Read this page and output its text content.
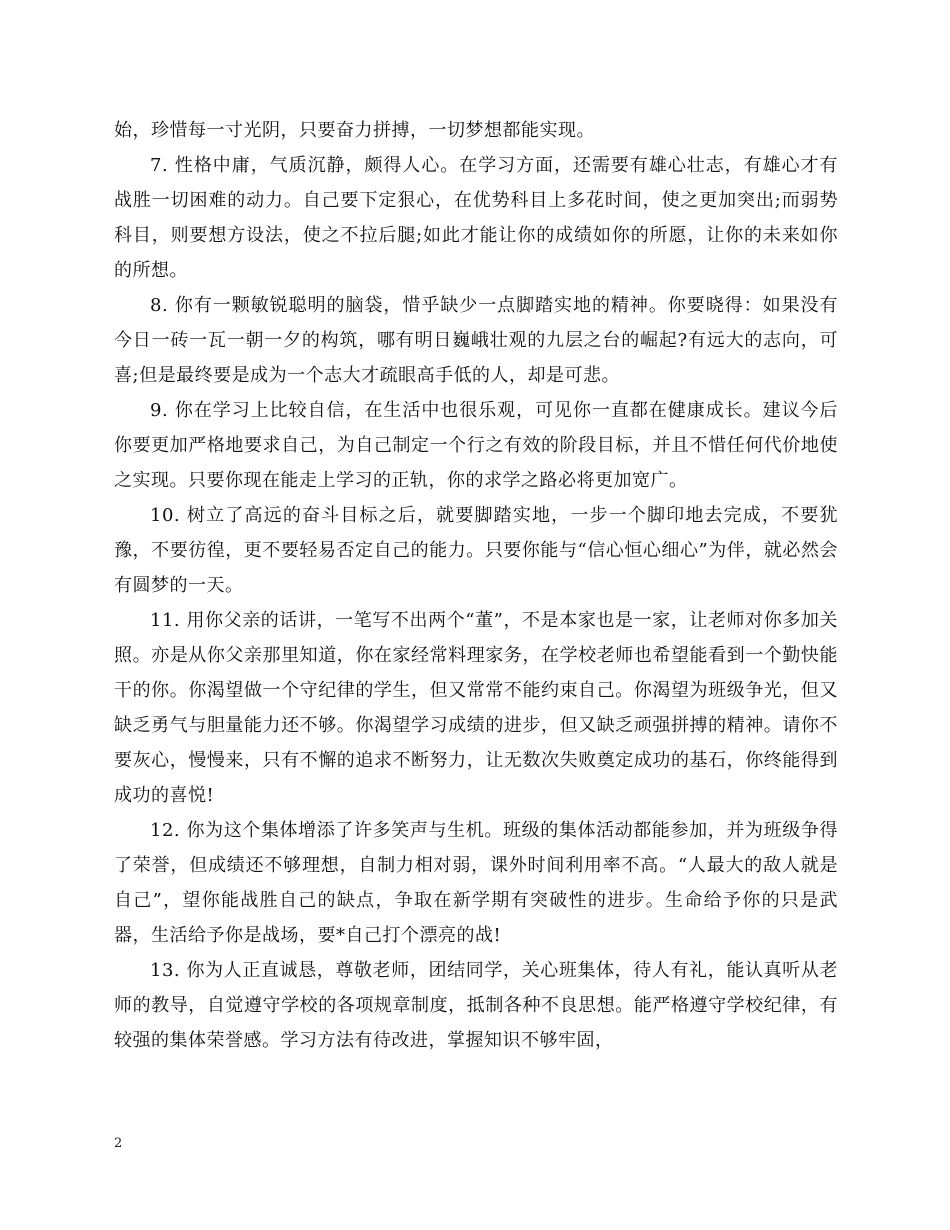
始，珍惜每一寸光阴，只要奋力拼搏，一切梦想都能实现。

7. 性格中庸，气质沉静，颇得人心。在学习方面，还需要有雄心壮志，有雄心才有战胜一切困难的动力。自己要下定狠心，在优势科目上多花时间，使之更加突出;而弱势科目，则要想方设法，使之不拉后腿;如此才能让你的成绩如你的所愿，让你的未来如你的所想。

8. 你有一颗敏锐聪明的脑袋，惜乎缺少一点脚踏实地的精神。你要晓得：如果没有今日一砖一瓦一朝一夕的构筑，哪有明日巍峨壮观的九层之台的崛起?有远大的志向，可喜;但是最终要是成为一个志大才疏眼高手低的人，却是可悲。

9. 你在学习上比较自信，在生活中也很乐观，可见你一直都在健康成长。建议今后你要更加严格地要求自己，为自己制定一个行之有效的阶段目标，并且不惜任何代价地使之实现。只要你现在能走上学习的正轨，你的求学之路必将更加宽广。

10. 树立了高远的奋斗目标之后，就要脚踏实地，一步一个脚印地去完成，不要犹豫，不要彷徨，更不要轻易否定自己的能力。只要你能与“信心恒心细心”为伴，就必然会有圆梦的一天。

11. 用你父亲的话讲，一笔写不出两个“董”，不是本家也是一家，让老师对你多加关照。亦是从你父亲那里知道，你在家经常料理家务，在学校老师也希望能看到一个勤快能干的你。你渴望做一个守纪律的学生，但又常常不能约束自己。你渴望为班级争光，但又缺乏勇气与胆量能力还不够。你渴望学习成绩的进步，但又缺乏顽强拼搏的精神。请你不要灰心，慢慢来，只有不懈的追求不断努力，让无数次失败奠定成功的基石，你终能得到成功的喜悦!

12. 你为这个集体增添了许多笑声与生机。班级的集体活动都能参加，并为班级争得了荣誉，但成绩还不够理想，自制力相对弱，课外时间利用率不高。“人最大的敌人就是自己”，望你能战胜自己的缺点，争取在新学期有突破性的进步。生命给予你的只是武器，生活给予你是战场，要*自己打个漂亮的战!

13. 你为人正直诚恳，尊敬老师，团结同学，关心班集体，待人有礼，能认真听从老师的教导，自觉遵守学校的各项规章制度，抵制各种不良思想。能严格遵守学校纪律，有较强的集体荣誉感。学习方法有待改进，掌握知识不够牢固，

2
